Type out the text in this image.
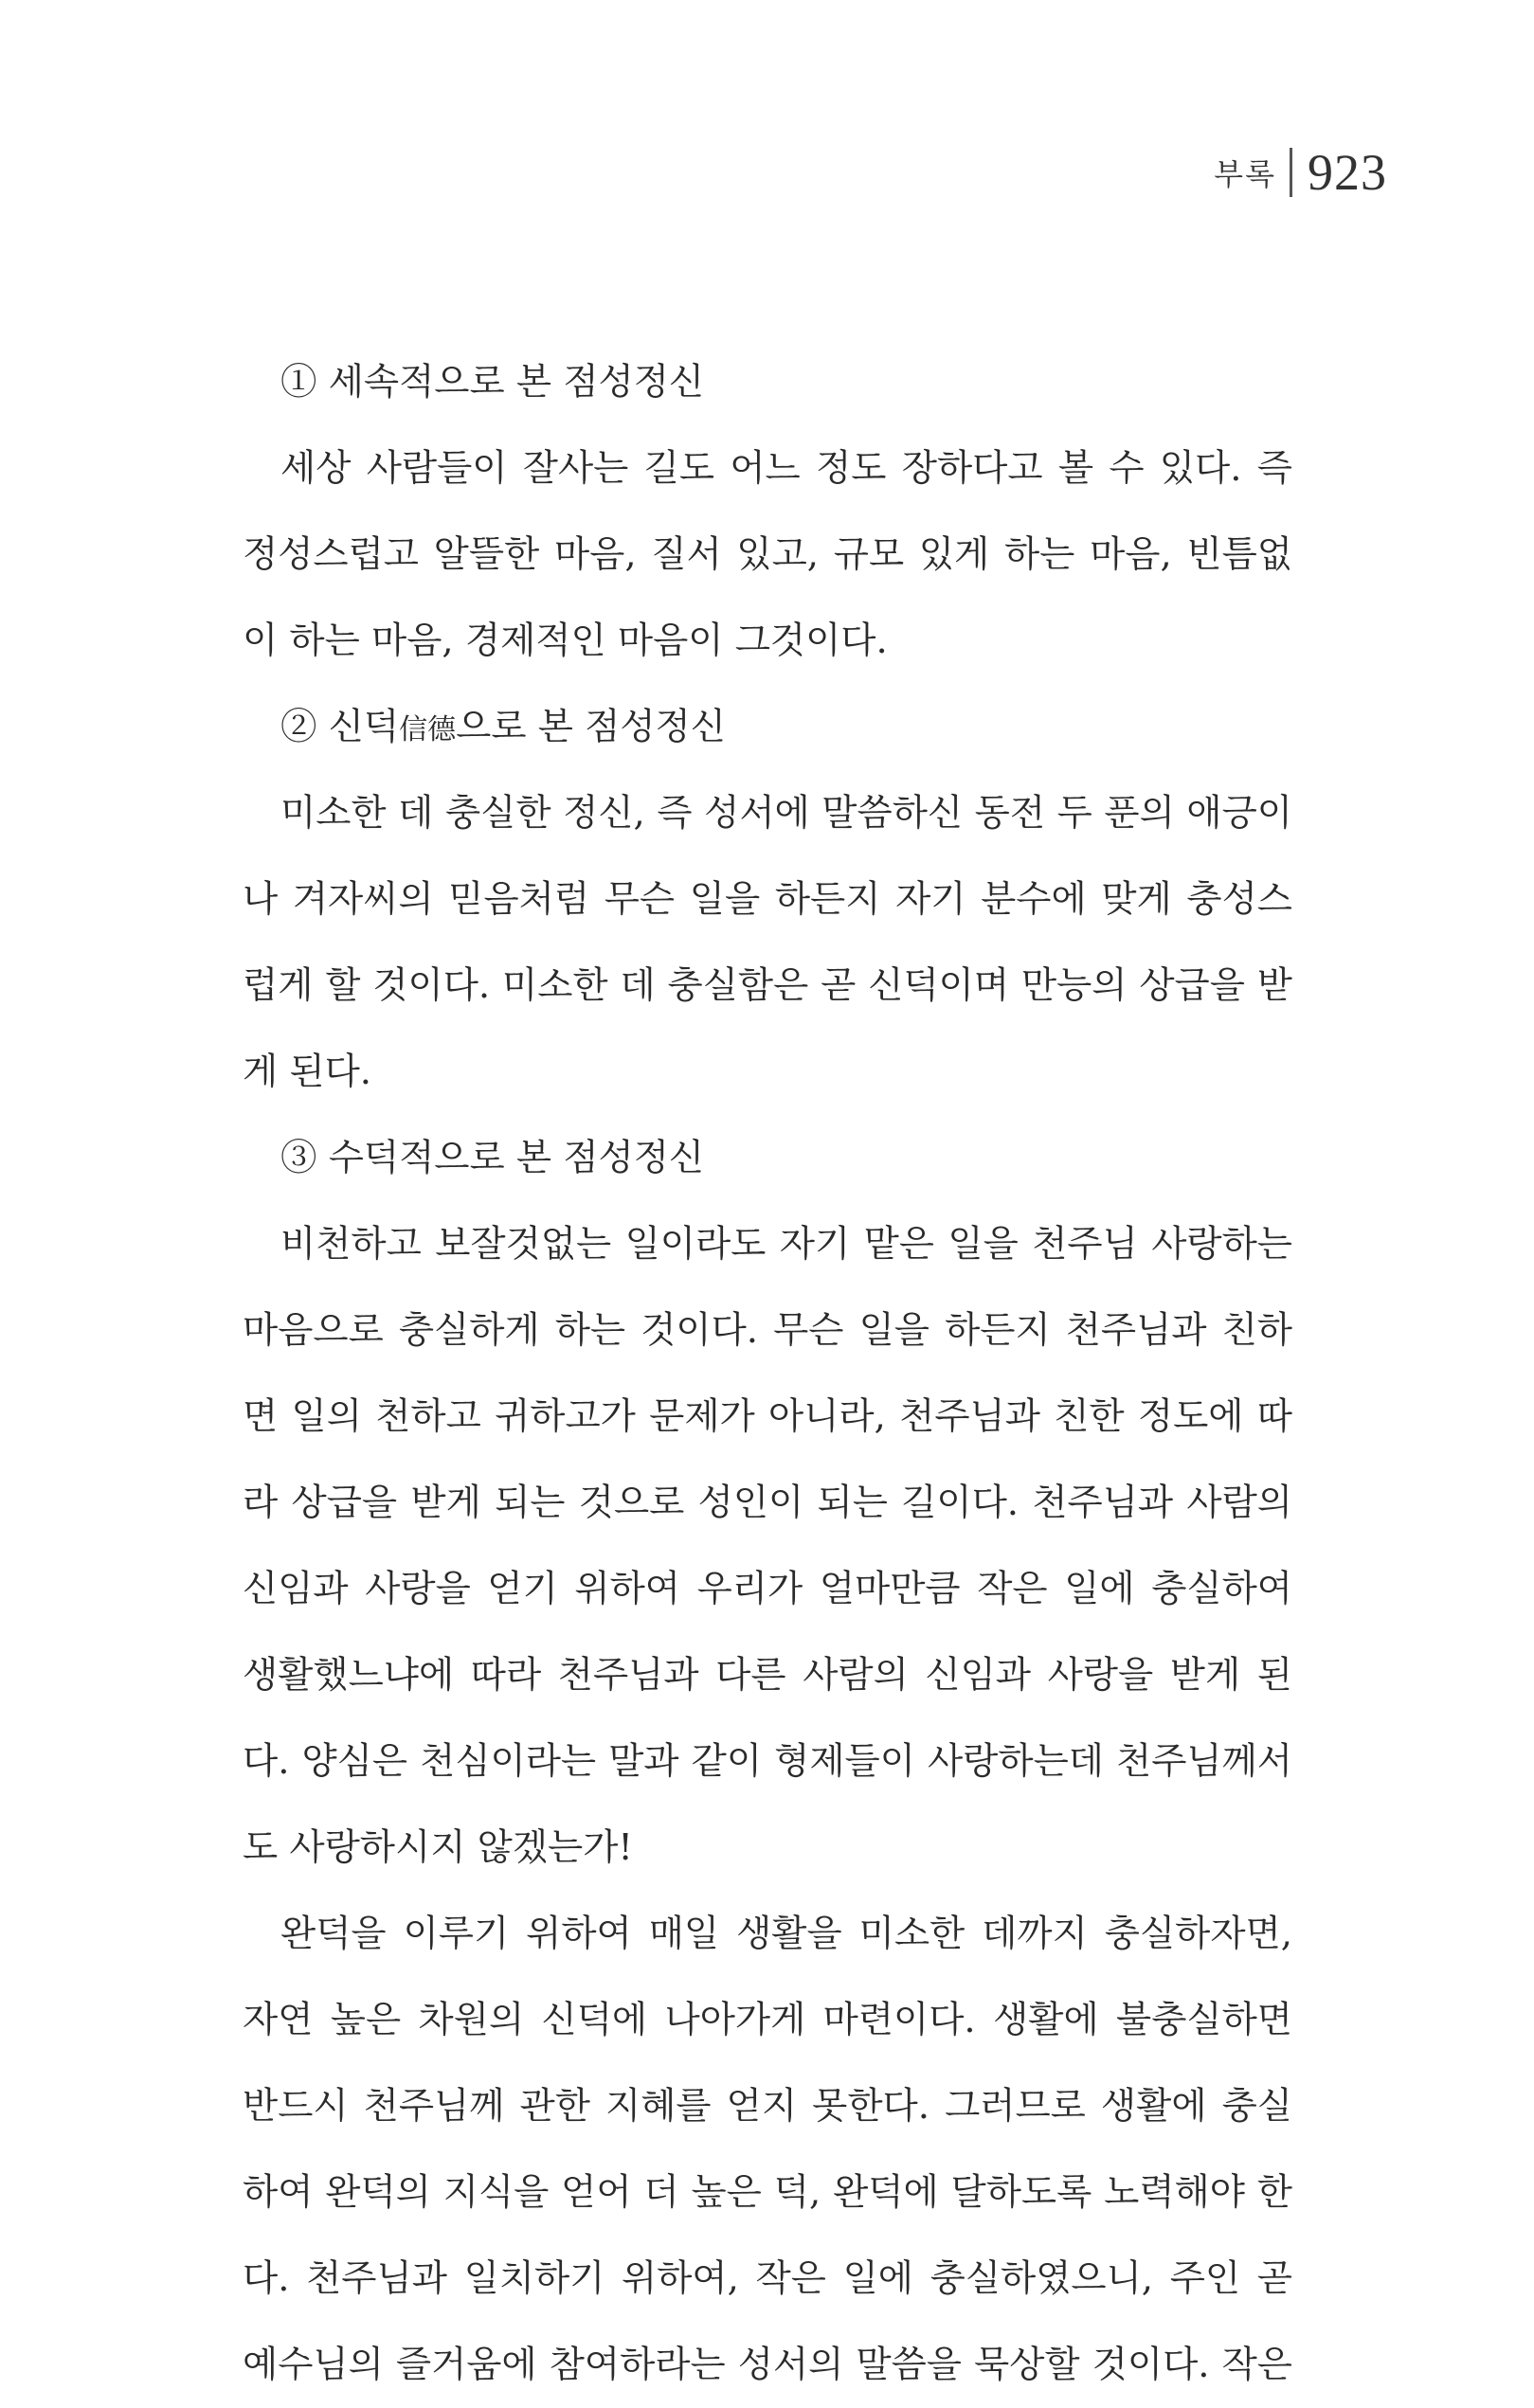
부록 923
① 세속적으로 본 점성정신
세상 사람들이 잘사는 길도 어느 정도 장하다고 볼 수 있다. 즉
정성스럽고 알뜰한 마음, 질서 있고, 규모 있게 하는 마음, 빈틈없
이 하는 마음, 경제적인 마음이 그것이다.
② 신덕信德으로 본 점성정신
미소한 데 충실한 정신, 즉 성서에 말씀하신 동전 두 푼의 애긍이
나 겨자씨의 믿음처럼 무슨 일을 하든지 자기 분수에 맞게 충성스
럽게 할 것이다. 미소한 데 충실함은 곧 신덕이며 만능의 상급을 받
게 된다.
③ 수덕적으로 본 점성정신
비천하고 보잘것없는 일이라도 자기 맡은 일을 천주님 사랑하는
마음으로 충실하게 하는 것이다. 무슨 일을 하든지 천주님과 친하
면 일의 천하고 귀하고가 문제가 아니라, 천주님과 친한 정도에 따
라 상급을 받게 되는 것으로 성인이 되는 길이다. 천주님과 사람의
신임과 사랑을 얻기 위하여 우리가 얼마만큼 작은 일에 충실하여
생활했느냐에 따라 천주님과 다른 사람의 신임과 사랑을 받게 된
다. 양심은 천심이라는 말과 같이 형제들이 사랑하는데 천주님께서
도 사랑하시지 않겠는가!
완덕을 이루기 위하여 매일 생활을 미소한 데까지 충실하자면,
자연 높은 차원의 신덕에 나아가게 마련이다. 생활에 불충실하면
반드시 천주님께 관한 지혜를 얻지 못한다. 그러므로 생활에 충실
하여 완덕의 지식을 얻어 더 높은 덕, 완덕에 달하도록 노력해야 한
다. 천주님과 일치하기 위하여, 작은 일에 충실하였으니, 주인 곧
예수님의 즐거움에 참여하라는 성서의 말씀을 묵상할 것이다. 작은
